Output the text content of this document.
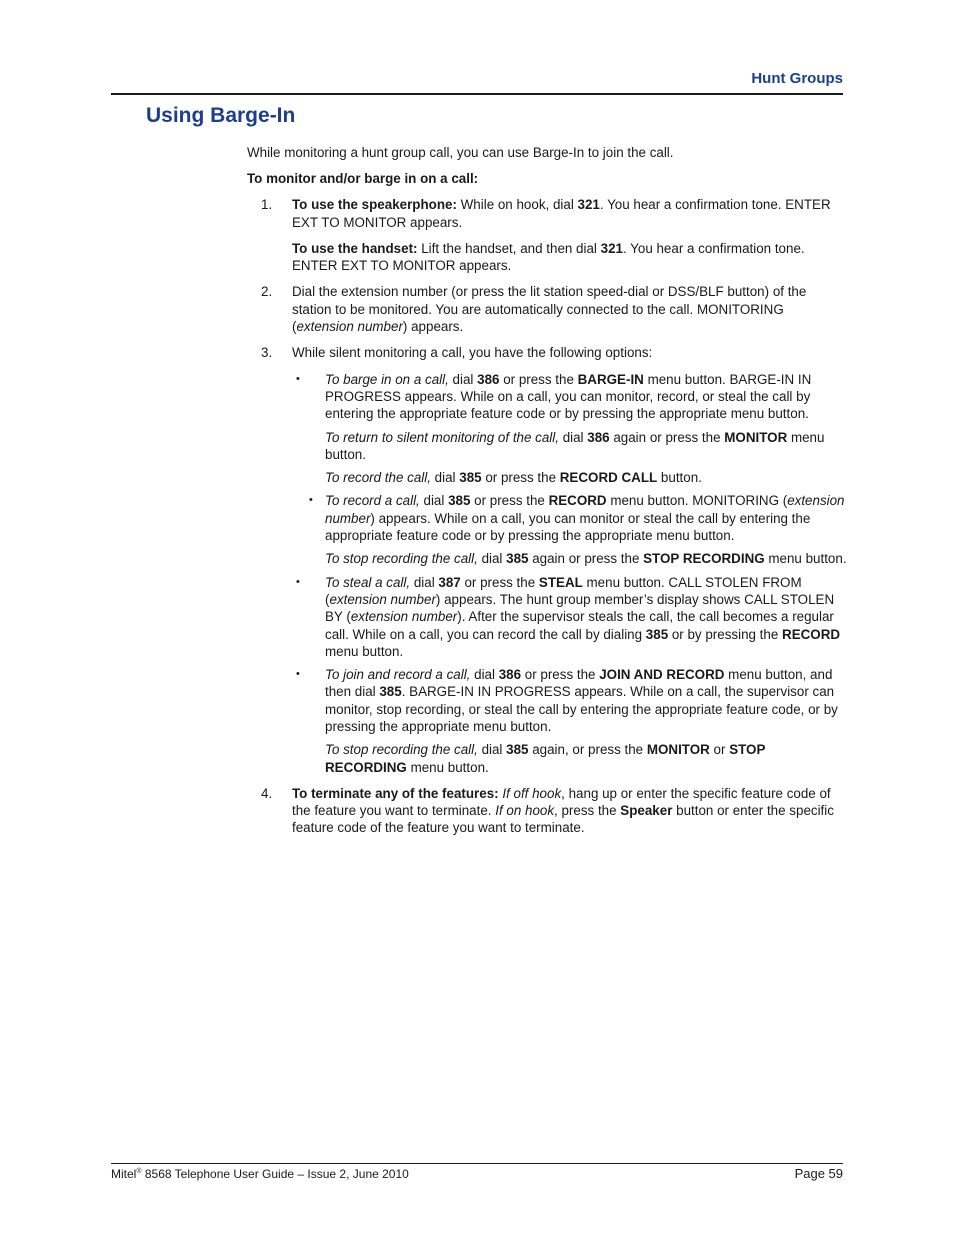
Hunt Groups
Using Barge-In

While monitoring a hunt group call, you can use Barge-In to join the call.

To monitor and/or barge in on a call:

1. To use the speakerphone: While on hook, dial 321. You hear a confirmation tone. ENTER EXT TO MONITOR appears.

To use the handset: Lift the handset, and then dial 321. You hear a confirmation tone. ENTER EXT TO MONITOR appears.

2. Dial the extension number (or press the lit station speed-dial or DSS/BLF button) of the station to be monitored. You are automatically connected to the call. MONITORING (extension number) appears.

3. While silent monitoring a call, you have the following options:

• To barge in on a call, dial 386 or press the BARGE-IN menu button. BARGE-IN IN PROGRESS appears. While on a call, you can monitor, record, or steal the call by entering the appropriate feature code or by pressing the appropriate menu button.

To return to silent monitoring of the call, dial 386 again or press the MONITOR menu button.

To record the call, dial 385 or press the RECORD CALL button.

• To record a call, dial 385 or press the RECORD menu button. MONITORING (extension number) appears. While on a call, you can monitor or steal the call by entering the appropriate feature code or by pressing the appropriate menu button.

To stop recording the call, dial 385 again or press the STOP RECORDING menu button.

• To steal a call, dial 387 or press the STEAL menu button. CALL STOLEN FROM (extension number) appears. The hunt group member’s display shows CALL STOLEN BY (extension number). After the supervisor steals the call, the call becomes a regular call. While on a call, you can record the call by dialing 385 or by pressing the RECORD menu button.

• To join and record a call, dial 386 or press the JOIN AND RECORD menu button, and then dial 385. BARGE-IN IN PROGRESS appears. While on a call, the supervisor can monitor, stop recording, or steal the call by entering the appropriate feature code, or by pressing the appropriate menu button.

To stop recording the call, dial 385 again, or press the MONITOR or STOP RECORDING menu button.

4. To terminate any of the features: If off hook, hang up or enter the specific feature code of the feature you want to terminate. If on hook, press the Speaker button or enter the specific feature code of the feature you want to terminate.

Mitel® 8568 Telephone User Guide – Issue 2, June 2010	Page 59
